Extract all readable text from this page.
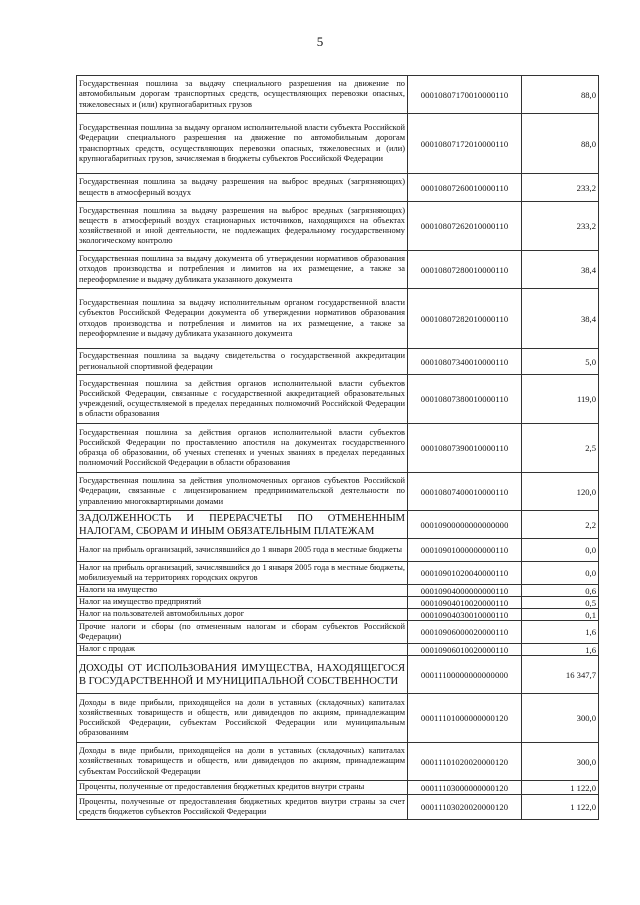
5
Государственная пошлина за выдачу специального разрешения на движение по автомобильным дорогам транспортных средств, осуществляющих перевозки опасных, тяжеловесных и (или) крупногабаритных грузов	00010807170010000110	88,0
Государственная пошлина за выдачу органом исполнительной власти субъекта Российской Федерации специального разрешения на движение по автомобильным дорогам транспортных средств, осуществляющих перевозки опасных, тяжеловесных и (или) крупногабаритных грузов, зачисляемая в бюджеты субъектов Российской Федерации	00010807172010000110	88,0
Государственная пошлина за выдачу разрешения на выброс вредных (загрязняющих) веществ в атмосферный воздух	00010807260010000110	233,2
Государственная пошлина за выдачу разрешения на выброс вредных (загрязняющих) веществ в атмосферный воздух стационарных источников, находящихся на объектах хозяйственной и иной деятельности, не подлежащих федеральному государственному экологическому контролю	00010807262010000110	233,2
Государственная пошлина за выдачу документа об утверждении нормативов образования отходов производства и потребления и лимитов на их размещение, а также за переоформление и выдачу дубликата указанного документа	00010807280010000110	38,4
Государственная пошлина за выдачу исполнительным органом государственной власти субъектов Российской Федерации документа об утверждении нормативов образования отходов производства и потребления и лимитов на их размещение, а также за переоформление и выдачу дубликата указанного документа	00010807282010000110	38,4
Государственная пошлина за выдачу свидетельства о государственной аккредитации региональной спортивной федерации	00010807340010000110	5,0
Государственная пошлина за действия органов исполнительной власти субъектов Российской Федерации, связанные с государственной аккредитацией образовательных учреждений, осуществляемой в пределах переданных полномочий Российской Федерации в области образования	00010807380010000110	119,0
Государственная пошлина за действия органов исполнительной власти субъектов Российской Федерации по проставлению апостиля на документах государственного образца об образовании, об ученых степенях и ученых званиях в пределах переданных полномочий Российской Федерации в области образования	00010807390010000110	2,5
Государственная пошлина за действия уполномоченных органов субъектов Российской Федерации, связанные с лицензированием предпринимательской деятельности по управлению многоквартирными домами	00010807400010000110	120,0
ЗАДОЛЖЕННОСТЬ И ПЕРЕРАСЧЕТЫ ПО ОТМЕНЕННЫМ НАЛОГАМ, СБОРАМ И ИНЫМ ОБЯЗАТЕЛЬНЫМ ПЛАТЕЖАМ	00010900000000000000	2,2
Налог на прибыль организаций, зачислявшийся до 1 января 2005 года в местные бюджеты	00010901000000000110	0,0
Налог на прибыль организаций, зачислявшийся до 1 января 2005 года в местные бюджеты, мобилизуемый на территориях городских округов	00010901020040000110	0,0
Налоги на имущество	00010904000000000110	0,6
Налог на имущество предприятий	00010904010020000110	0,5
Налог на пользователей автомобильных дорог	00010904030010000110	0,1
Прочие налоги и сборы (по отмененным налогам и сборам субъектов Российской Федерации)	00010906000020000110	1,6
Налог с продаж	00010906010020000110	1,6
ДОХОДЫ ОТ ИСПОЛЬЗОВАНИЯ ИМУЩЕСТВА, НАХОДЯЩЕГОСЯ В ГОСУДАРСТВЕННОЙ И МУНИЦИПАЛЬНОЙ СОБСТВЕННОСТИ	00011100000000000000	16 347,7
Доходы в виде прибыли, приходящейся на доли в уставных (складочных) капиталах хозяйственных товариществ и обществ, или дивидендов по акциям, принадлежащим Российской Федерации, субъектам Российской Федерации или муниципальным образованиям	00011101000000000120	300,0
Доходы в виде прибыли, приходящейся на доли в уставных (складочных) капиталах хозяйственных товариществ и обществ, или дивидендов по акциям, принадлежащим субъектам Российской Федерации	00011101020020000120	300,0
Проценты, полученные от предоставления бюджетных кредитов внутри страны	00011103000000000120	1 122,0
Проценты, полученные от предоставления бюджетных кредитов внутри страны за счет средств бюджетов субъектов Российской Федерации	00011103020020000120	1 122,0
